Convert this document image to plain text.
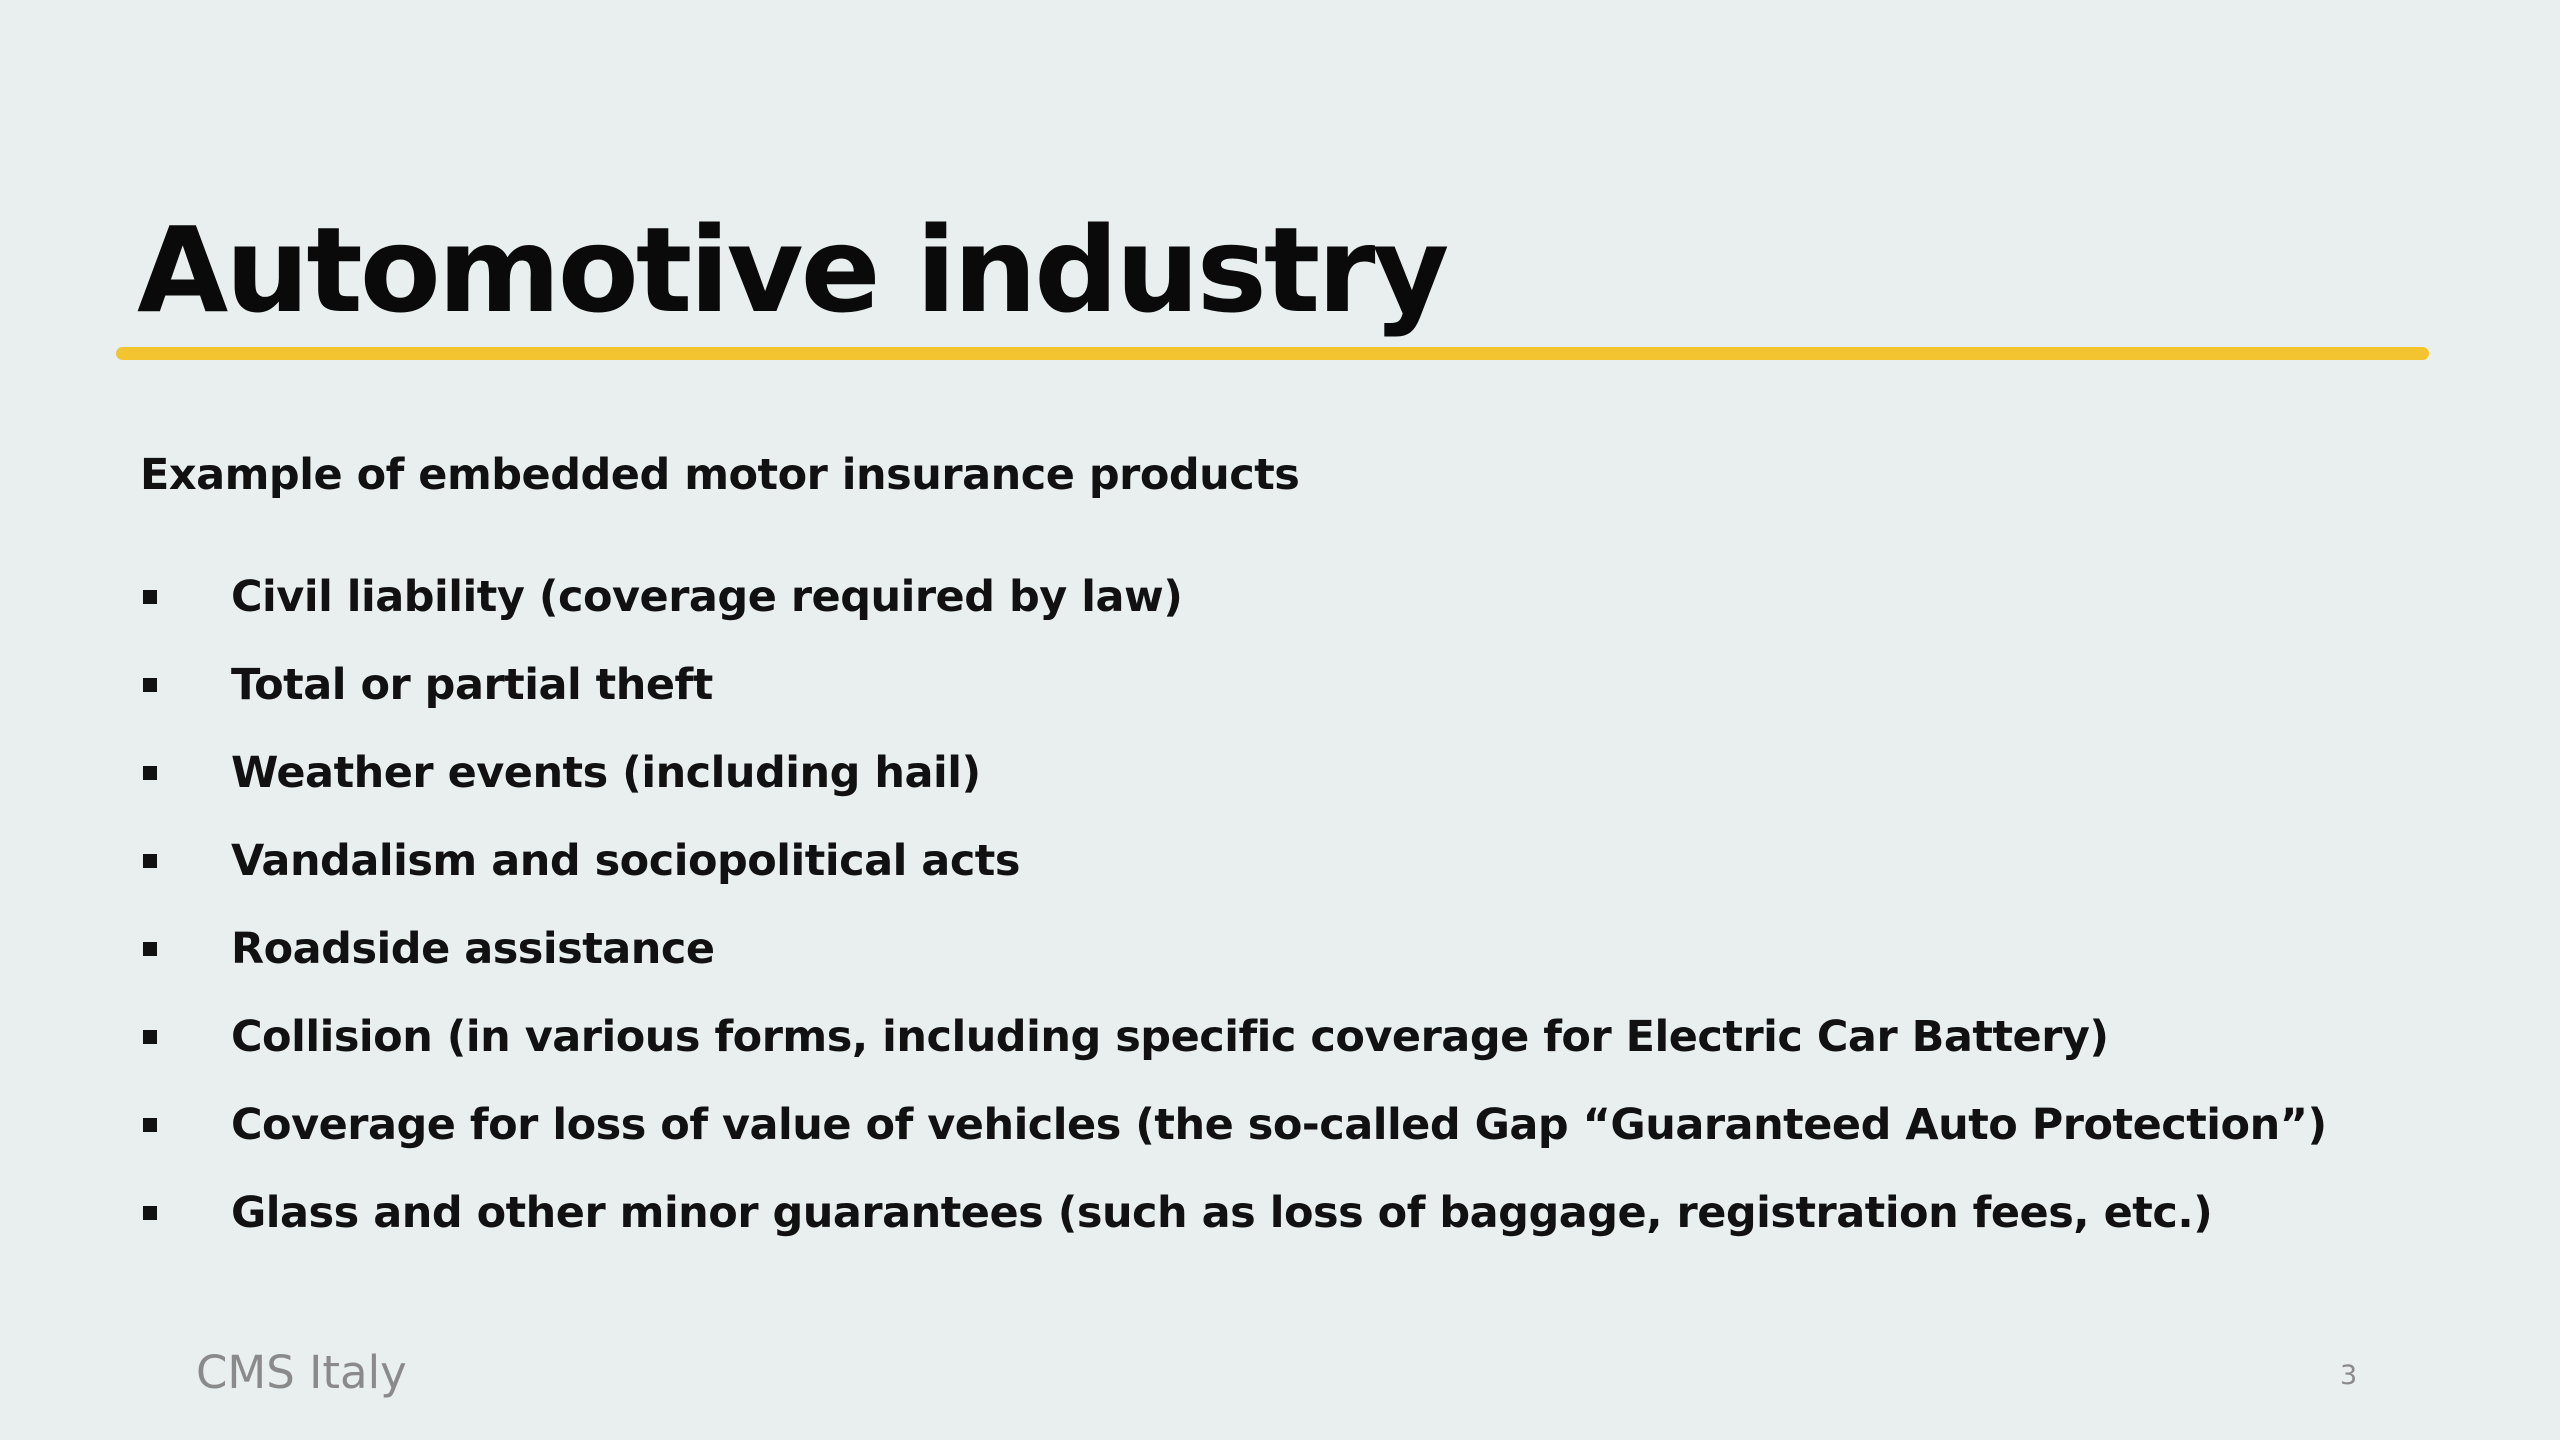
Automotive industry
Example of embedded motor insurance products
Civil liability (coverage required by law)
Total or partial theft
Weather events (including hail)
Vandalism and sociopolitical acts
Roadside assistance
Collision (in various forms, including specific coverage for Electric Car Battery)
Coverage for loss of value of vehicles (the so-called Gap “Guaranteed Auto Protection”)
Glass and other minor guarantees (such as loss of baggage, registration fees, etc.)
CMS Italy	3
